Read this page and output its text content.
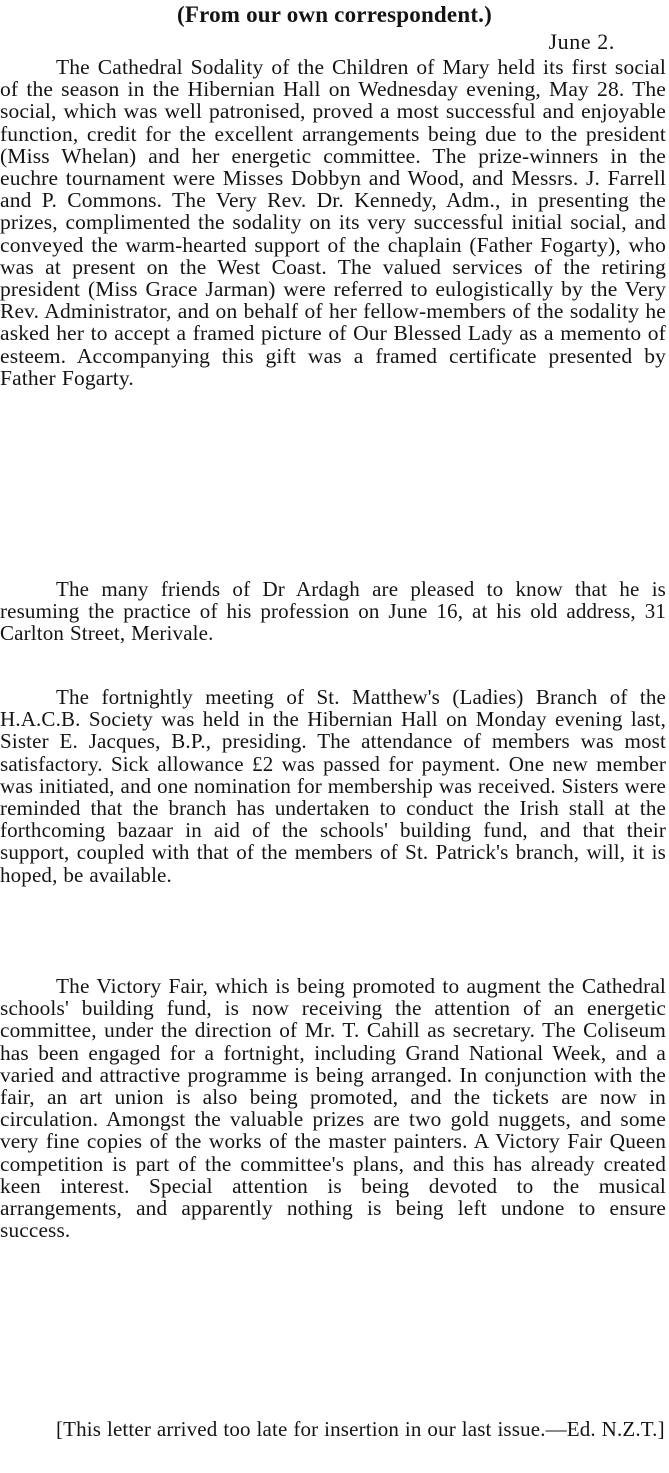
(From our own correspondent.)
June 2.

The Cathedral Sodality of the Children of Mary held its first social of the season in the Hibernian Hall on Wednesday evening, May 28. The social, which was well patronised, proved a most successful and enjoyable function, credit for the excellent arrangements being due to the president (Miss Whelan) and her energetic committee. The prize-winners in the euchre tournament were Misses Dobbyn and Wood, and Messrs. J. Farrell and P. Commons. The Very Rev. Dr. Kennedy, Adm., in presenting the prizes, complimented the sodality on its very successful initial social, and conveyed the warm-hearted support of the chaplain (Father Fogarty), who was at present on the West Coast. The valued services of the retiring president (Miss Grace Jarman) were referred to eulogistically by the Very Rev. Administrator, and on behalf of her fellow-members of the sodality he asked her to accept a framed picture of Our Blessed Lady as a memento of esteem. Accompanying this gift was a framed certificate presented by Father Fogarty.

The many friends of Dr Ardagh are pleased to know that he is resuming the practice of his profession on June 16, at his old address, 31 Carlton Street, Merivale.

The fortnightly meeting of St. Matthew's (Ladies) Branch of the H.A.C.B. Society was held in the Hibernian Hall on Monday evening last, Sister E. Jacques, B.P., presiding. The attendance of members was most satisfactory. Sick allowance £2 was passed for payment. One new member was initiated, and one nomination for membership was received. Sisters were reminded that the branch has undertaken to conduct the Irish stall at the forthcoming bazaar in aid of the schools' building fund, and that their support, coupled with that of the members of St. Patrick's branch, will, it is hoped, be available.

The Victory Fair, which is being promoted to augment the Cathedral schools' building fund, is now receiving the attention of an energetic committee, under the direction of Mr. T. Cahill as secretary. The Coliseum has been engaged for a fortnight, including Grand National Week, and a varied and attractive programme is being arranged. In conjunction with the fair, an art union is also being promoted, and the tickets are now in circulation. Amongst the valuable prizes are two gold nuggets, and some very fine copies of the works of the master painters. A Victory Fair Queen competition is part of the committee's plans, and this has already created keen interest. Special attention is being devoted to the musical arrangements, and apparently nothing is being left undone to ensure success.

[This letter arrived too late for insertion in our last issue.—Ed. N.Z.T.]
